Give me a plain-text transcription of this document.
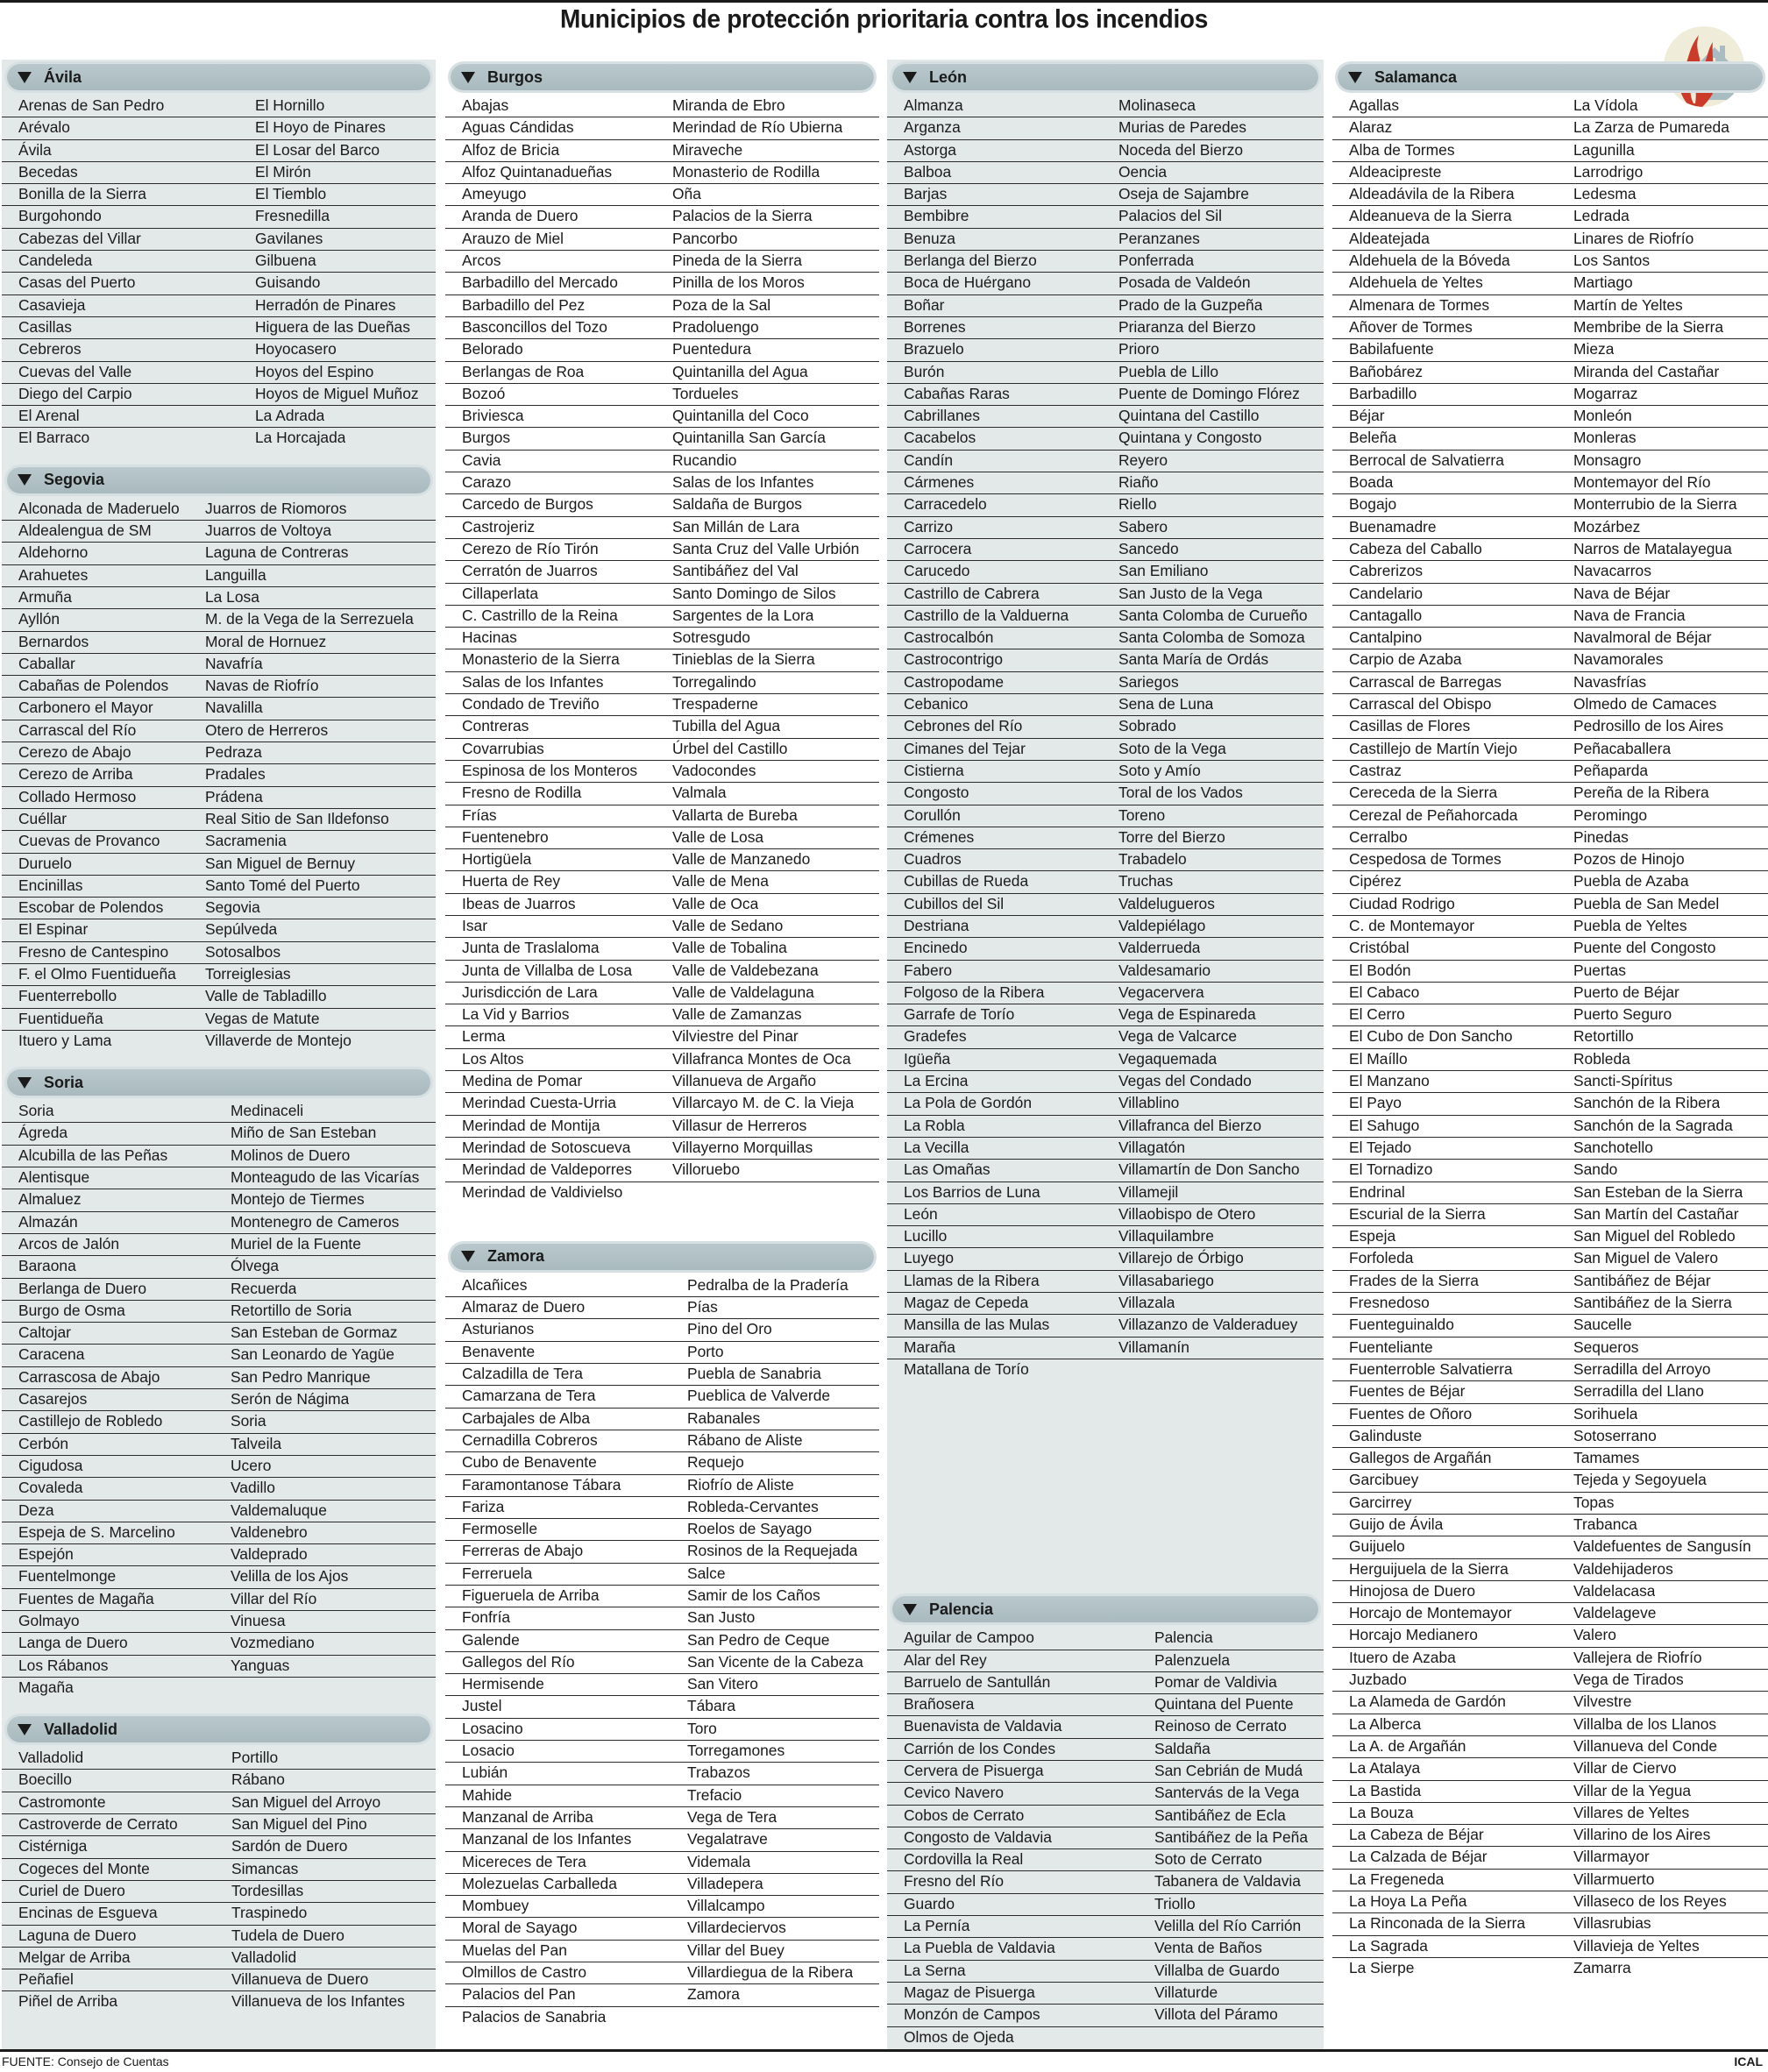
Municipios de protección prioritaria contra los incendios
Ávila
Arenas de San Pedro	El Hornillo
Arévalo	El Hoyo de Pinares
Ávila	El Losar del Barco
Becedas	El Mirón
Bonilla de la Sierra	El Tiemblo
Burgohondo	Fresnedilla
Cabezas del Villar	Gavilanes
Candeleda	Gilbuena
Casas del Puerto	Guisando
Casavieja	Herradón de Pinares
Casillas	Higuera de las Dueñas
Cebreros	Hoyocasero
Cuevas del Valle	Hoyos del Espino
Diego del Carpio	Hoyos de Miguel Muñoz
El Arenal	La Adrada
El Barraco	La Horcajada
Segovia
Alconada de Maderuelo	Juarros de Riomoros
Aldealengua de SM	Juarros de Voltoya
Aldehorno	Laguna de Contreras
Arahuetes	Languilla
Armuña	La Losa
Ayllón	M. de la Vega de la Serrezuela
Bernardos	Moral de Hornuez
Caballar	Navafría
Cabañas de Polendos	Navas de Riofrío
Carbonero el Mayor	Navalilla
Carrascal del Río	Otero de Herreros
Cerezo de Abajo	Pedraza
Cerezo de Arriba	Pradales
Collado Hermoso	Prádena
Cuéllar	Real Sitio de San Ildefonso
Cuevas de Provanco	Sacramenia
Duruelo	San Miguel de Bernuy
Encinillas	Santo Tomé del Puerto
Escobar de Polendos	Segovia
El Espinar	Sepúlveda
Fresno de Cantespino	Sotosalbos
F. el Olmo Fuentidueña	Torreiglesias
Fuenterrebollo	Valle de Tabladillo
Fuentidueña	Vegas de Matute
Ituero y Lama	Villaverde de Montejo
Soria
Soria	Medinaceli
Ágreda	Miño de San Esteban
Alcubilla de las Peñas	Molinos de Duero
Alentisque	Monteagudo de las Vicarías
Almaluez	Montejo de Tiermes
Almazán	Montenegro de Cameros
Arcos de Jalón	Muriel de la Fuente
Baraona	Ólvega
Berlanga de Duero	Recuerda
Burgo de Osma	Retortillo de Soria
Caltojar	San Esteban de Gormaz
Caracena	San Leonardo de Yagüe
Carrascosa de Abajo	San Pedro Manrique
Casarejos	Serón de Nágima
Castillejo de Robledo	Soria
Cerbón	Talveila
Cigudosa	Ucero
Covaleda	Vadillo
Deza	Valdemaluque
Espeja de S. Marcelino	Valdenebro
Espejón	Valdeprado
Fuentelmonge	Velilla de los Ajos
Fuentes de Magaña	Villar del Río
Golmayo	Vinuesa
Langa de Duero	Vozmediano
Los Rábanos	Yanguas
Magaña
Valladolid
Valladolid	Portillo
Boecillo	Rábano
Castromonte	San Miguel del Arroyo
Castroverde de Cerrato	San Miguel del Pino
Cistérniga	Sardón de Duero
Cogeces del Monte	Simancas
Curiel de Duero	Tordesillas
Encinas de Esgueva	Traspinedo
Laguna de Duero	Tudela de Duero
Melgar de Arriba	Valladolid
Peñafiel	Villanueva de Duero
Piñel de Arriba	Villanueva de los Infantes
Burgos
Abajas	Miranda de Ebro
Aguas Cándidas	Merindad de Río Ubierna
Alfoz de Bricia	Miraveche
Alfoz Quintanadueñas	Monasterio de Rodilla
Ameyugo	Oña
Aranda de Duero	Palacios de la Sierra
Arauzo de Miel	Pancorbo
Arcos	Pineda de la Sierra
Barbadillo del Mercado	Pinilla de los Moros
Barbadillo del Pez	Poza de la Sal
Basconcillos del Tozo	Pradoluengo
Belorado	Puentedura
Berlangas de Roa	Quintanilla del Agua
Bozoó	Tordueles
Briviesca	Quintanilla del Coco
Burgos	Quintanilla San García
Cavia	Rucandio
Carazo	Salas de los Infantes
Carcedo de Burgos	Saldaña de Burgos
Castrojeriz	San Millán de Lara
Cerezo de Río Tirón	Santa Cruz del Valle Urbión
Cerratón de Juarros	Santibáñez del Val
Cillaperlata	Santo Domingo de Silos
C. Castrillo de la Reina	Sargentes de la Lora
Hacinas	Sotresgudo
Monasterio de la Sierra	Tinieblas de la Sierra
Salas de los Infantes	Torregalindo
Condado de Treviño	Trespaderne
Contreras	Tubilla del Agua
Covarrubias	Úrbel del Castillo
Espinosa de los Monteros	Vadocondes
Fresno de Rodilla	Valmala
Frías	Vallarta de Bureba
Fuentenebro	Valle de Losa
Hortigüela	Valle de Manzanedo
Huerta de Rey	Valle de Mena
Ibeas de Juarros	Valle de Oca
Isar	Valle de Sedano
Junta de Traslaloma	Valle de Tobalina
Junta de Villalba de Losa	Valle de Valdebezana
Jurisdicción de Lara	Valle de Valdelaguna
La Vid y Barrios	Valle de Zamanzas
Lerma	Vilviestre del Pinar
Los Altos	Villafranca Montes de Oca
Medina de Pomar	Villanueva de Argaño
Merindad Cuesta-Urria	Villarcayo M. de C. la Vieja
Merindad de Montija	Villasur de Herreros
Merindad de Sotoscueva	Villayerno Morquillas
Merindad de Valdeporres	Villoruebo
Merindad de Valdivielso
Zamora
Alcañices	Pedralba de la Pradería
Almaraz de Duero	Pías
Asturianos	Pino del Oro
Benavente	Porto
Calzadilla de Tera	Puebla de Sanabria
Camarzana de Tera	Pueblica de Valverde
Carbajales de Alba	Rabanales
Cernadilla Cobreros	Rábano de Aliste
Cubo de Benavente	Requejo
Faramontanose Tábara	Riofrío de Aliste
Fariza	Robleda-Cervantes
Fermoselle	Roelos de Sayago
Ferreras de Abajo	Rosinos de la Requejada
Ferreruela	Salce
Figueruela de Arriba	Samir de los Caños
Fonfría	San Justo
Galende	San Pedro de Ceque
Gallegos del Río	San Vicente de la Cabeza
Hermisende	San Vitero
Justel	Tábara
Losacino	Toro
Losacio	Torregamones
Lubián	Trabazos
Mahide	Trefacio
Manzanal de Arriba	Vega de Tera
Manzanal de los Infantes	Vegalatrave
Micereces de Tera	Videmala
Molezuelas Carballeda	Villadepera
Mombuey	Villalcampo
Moral de Sayago	Villardeciervos
Muelas del Pan	Villar del Buey
Olmillos de Castro	Villardiegua de la Ribera
Palacios del Pan	Zamora
Palacios de Sanabria
León
Almanza	Molinaseca
Arganza	Murias de Paredes
Astorga	Noceda del Bierzo
Balboa	Oencia
Barjas	Oseja de Sajambre
Bembibre	Palacios del Sil
Benuza	Peranzanes
Berlanga del Bierzo	Ponferrada
Boca de Huérgano	Posada de Valdeón
Boñar	Prado de la Guzpeña
Borrenes	Priaranza del Bierzo
Brazuelo	Prioro
Burón	Puebla de Lillo
Cabañas Raras	Puente de Domingo Flórez
Cabrillanes	Quintana del Castillo
Cacabelos	Quintana y Congosto
Candín	Reyero
Cármenes	Riaño
Carracedelo	Riello
Carrizo	Sabero
Carrocera	Sancedo
Carucedo	San Emiliano
Castrillo de Cabrera	San Justo de la Vega
Castrillo de la Valduerna	Santa Colomba de Curueño
Castrocalbón	Santa Colomba de Somoza
Castrocontrigo	Santa María de Ordás
Castropodame	Sariegos
Cebanico	Sena de Luna
Cebrones del Río	Sobrado
Cimanes del Tejar	Soto de la Vega
Cistierna	Soto y Amío
Congosto	Toral de los Vados
Corullón	Toreno
Crémenes	Torre del Bierzo
Cuadros	Trabadelo
Cubillas de Rueda	Truchas
Cubillos del Sil	Valdelugueros
Destriana	Valdepiélago
Encinedo	Valderrueda
Fabero	Valdesamario
Folgoso de la Ribera	Vegacervera
Garrafe de Torío	Vega de Espinareda
Gradefes	Vega de Valcarce
Igüeña	Vegaquemada
La Ercina	Vegas del Condado
La Pola de Gordón	Villablino
La Robla	Villafranca del Bierzo
La Vecilla	Villagatón
Las Omañas	Villamartín de Don Sancho
Los Barrios de Luna	Villamejil
León	Villaobispo de Otero
Lucillo	Villaquilambre
Luyego	Villarejo de Órbigo
Llamas de la Ribera	Villasabariego
Magaz de Cepeda	Villazala
Mansilla de las Mulas	Villazanzo de Valderaduey
Maraña	Villamanín
Matallana de Torío
Palencia
Aguilar de Campoo	Palencia
Alar del Rey	Palenzuela
Barruelo de Santullán	Pomar de Valdivia
Brañosera	Quintana del Puente
Buenavista de Valdavia	Reinoso de Cerrato
Carrión de los Condes	Saldaña
Cervera de Pisuerga	San Cebrián de Mudá
Cevico Navero	Santervás de la Vega
Cobos de Cerrato	Santibáñez de Ecla
Congosto de Valdavia	Santibáñez de la Peña
Cordovilla la Real	Soto de Cerrato
Fresno del Río	Tabanera de Valdavia
Guardo	Triollo
La Pernía	Velilla del Río Carrión
La Puebla de Valdavia	Venta de Baños
La Serna	Villalba de Guardo
Magaz de Pisuerga	Villaturde
Monzón de Campos	Villota del Páramo
Olmos de Ojeda
Salamanca
Agallas	La Vídola
Alaraz	La Zarza de Pumareda
Alba de Tormes	Lagunilla
Aldeacipreste	Larrodrigo
Aldeadávila de la Ribera	Ledesma
Aldeanueva de la Sierra	Ledrada
Aldeatejada	Linares de Riofrío
Aldehuela de la Bóveda	Los Santos
Aldehuela de Yeltes	Martiago
Almenara de Tormes	Martín de Yeltes
Añover de Tormes	Membribe de la Sierra
Babilafuente	Mieza
Bañobárez	Miranda del Castañar
Barbadillo	Mogarraz
Béjar	Monleón
Beleña	Monleras
Berrocal de Salvatierra	Monsagro
Boada	Montemayor del Río
Bogajo	Monterrubio de la Sierra
Buenamadre	Mozárbez
Cabeza del Caballo	Narros de Matalayegua
Cabrerizos	Navacarros
Candelario	Nava de Béjar
Cantagallo	Nava de Francia
Cantalpino	Navalmoral de Béjar
Carpio de Azaba	Navamorales
Carrascal de Barregas	Navasfrías
Carrascal del Obispo	Olmedo de Camaces
Casillas de Flores	Pedrosillo de los Aires
Castillejo de Martín Viejo	Peñacaballera
Castraz	Peñaparda
Cereceda de la Sierra	Pereña de la Ribera
Cerezal de Peñahorcada	Peromingo
Cerralbo	Pinedas
Cespedosa de Tormes	Pozos de Hinojo
Cipérez	Puebla de Azaba
Ciudad Rodrigo	Puebla de San Medel
C. de Montemayor	Puebla de Yeltes
Cristóbal	Puente del Congosto
El Bodón	Puertas
El Cabaco	Puerto de Béjar
El Cerro	Puerto Seguro
El Cubo de Don Sancho	Retortillo
El Maíllo	Robleda
El Manzano	Sancti-Spíritus
El Payo	Sanchón de la Ribera
El Sahugo	Sanchón de la Sagrada
El Tejado	Sanchotello
El Tornadizo	Sando
Endrinal	San Esteban de la Sierra
Escurial de la Sierra	San Martín del Castañar
Espeja	San Miguel del Robledo
Forfoleda	San Miguel de Valero
Frades de la Sierra	Santibáñez de Béjar
Fresnedoso	Santibáñez de la Sierra
Fuenteguinaldo	Saucelle
Fuenteliante	Sequeros
Fuenterroble Salvatierra	Serradilla del Arroyo
Fuentes de Béjar	Serradilla del Llano
Fuentes de Oñoro	Sorihuela
Galinduste	Sotoserrano
Gallegos de Argañán	Tamames
Garcibuey	Tejeda y Segoyuela
Garcirrey	Topas
Guijo de Ávila	Trabanca
Guijuelo	Valdefuentes de Sangusín
Herguijuela de la Sierra	Valdehijaderos
Hinojosa de Duero	Valdelacasa
Horcajo de Montemayor	Valdelageve
Horcajo Medianero	Valero
Ituero de Azaba	Vallejera de Riofrío
Juzbado	Vega de Tirados
La Alameda de Gardón	Vilvestre
La Alberca	Villalba de los Llanos
La A. de Argañán	Villanueva del Conde
La Atalaya	Villar de Ciervo
La Bastida	Villar de la Yegua
La Bouza	Villares de Yeltes
La Cabeza de Béjar	Villarino de los Aires
La Calzada de Béjar	Villarmayor
La Fregeneda	Villarmuerto
La Hoya La Peña	Villaseco de los Reyes
La Rinconada de la Sierra	Villasrubias
La Sagrada	Villavieja de Yeltes
La Sierpe	Zamarra
FUENTE: Consejo de Cuentas	ICAL
